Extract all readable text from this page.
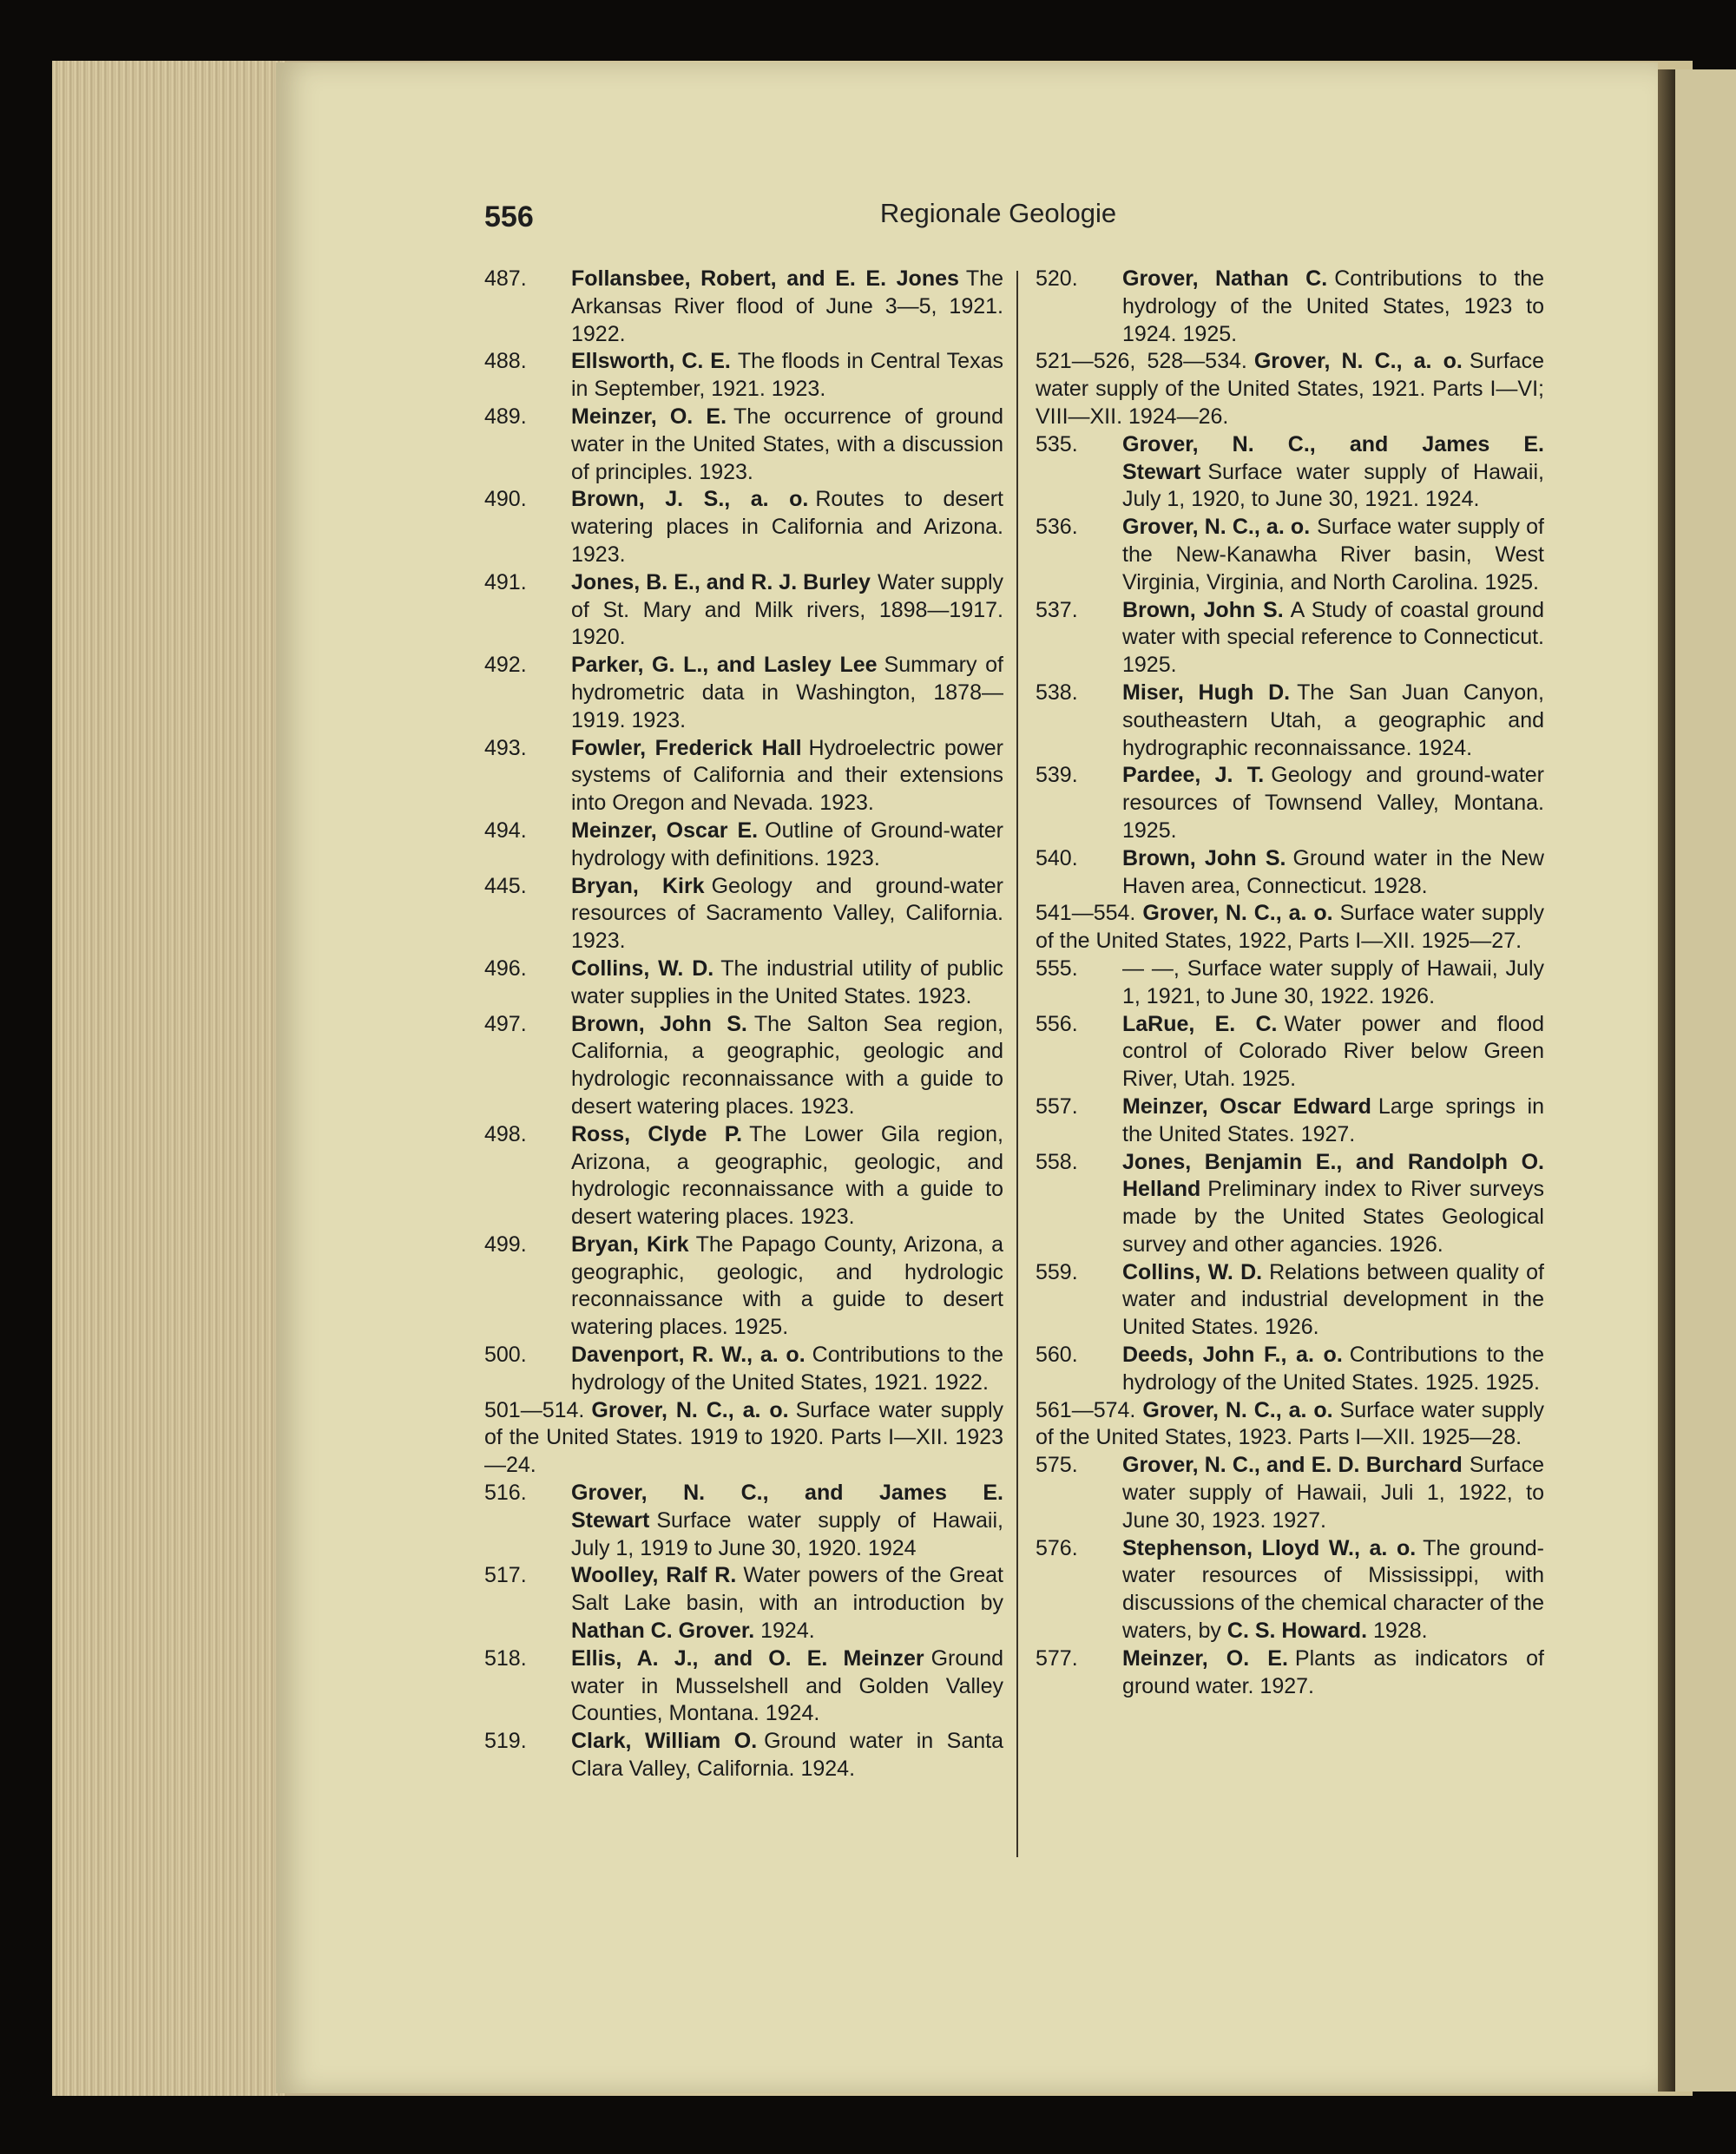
556	Regionale Geologie
487. Follansbee, Robert, and E. E. Jones The Arkansas River flood of June 3—5, 1921. 1922.
488. Ellsworth, C. E. The floods in Central Texas in September, 1921. 1923.
489. Meinzer, O. E. The occurrence of ground water in the United States, with a discussion of principles. 1923.
490. Brown, J. S., a. o. Routes to desert watering places in California and Arizona. 1923.
491. Jones, B. E., and R. J. Burley Water supply of St. Mary and Milk rivers, 1898—1917. 1920.
492. Parker, G. L., and Lasley Lee Summary of hydrometric data in Washington, 1878—1919. 1923.
493. Fowler, Frederick Hall Hydroelectric power systems of California and their extensions into Oregon and Nevada. 1923.
494. Meinzer, Oscar E. Outline of Ground-water hydrology with definitions. 1923.
445. Bryan, Kirk Geology and ground-water resources of Sacramento Valley, California. 1923.
496. Collins, W. D. The industrial utility of public water supplies in the United States. 1923.
497. Brown, John S. The Salton Sea region, California, a geographic, geologic and hydrologic reconnaissance with a guide to desert watering places. 1923.
498. Ross, Clyde P. The Lower Gila region, Arizona, a geographic, geologic, and hydrologic reconnaissance with a guide to desert watering places. 1923.
499. Bryan, Kirk The Papago County, Arizona, a geographic, geologic, and hydrologic reconnaissance with a guide to desert watering places. 1925.
500. Davenport, R. W., a. o. Contributions to the hydrology of the United States, 1921. 1922.
501—514. Grover, N. C., a. o. Surface water supply of the United States. 1919 to 1920. Parts I—XII. 1923—24.
516. Grover, N. C., and James E. Stewart Surface water supply of Hawaii, July 1, 1919 to June 30, 1920. 1924
517. Woolley, Ralf R. Water powers of the Great Salt Lake basin, with an introduction by Nathan C. Grover. 1924.
518. Ellis, A. J., and O. E. Meinzer Ground water in Musselshell and Golden Valley Counties, Montana. 1924.
519. Clark, William O. Ground water in Santa Clara Valley, California. 1924.
520. Grover, Nathan C. Contributions to the hydrology of the United States, 1923 to 1924. 1925.
521—526, 528—534. Grover, N. C., a. o. Surface water supply of the United States, 1921. Parts I—VI; VIII—XII. 1924—26.
535. Grover, N. C., and James E. Stewart Surface water supply of Hawaii, July 1, 1920, to June 30, 1921. 1924.
536. Grover, N. C., a. o. Surface water supply of the New-Kanawha River basin, West Virginia, Virginia, and North Carolina. 1925.
537. Brown, John S. A Study of coastal ground water with special reference to Connecticut. 1925.
538. Miser, Hugh D. The San Juan Canyon, southeastern Utah, a geographic and hydrographic reconnaissance. 1924.
539. Pardee, J. T. Geology and ground-water resources of Townsend Valley, Montana. 1925.
540. Brown, John S. Ground water in the New Haven area, Connecticut. 1928.
541—554. Grover, N. C., a. o. Surface water supply of the United States, 1922, Parts I—XII. 1925—27.
555. — —, Surface water supply of Hawaii, July 1, 1921, to June 30, 1922. 1926.
556. LaRue, E. C. Water power and flood control of Colorado River below Green River, Utah. 1925.
557. Meinzer, Oscar Edward Large springs in the United States. 1927.
558. Jones, Benjamin E., and Randolph O. Helland Preliminary index to River surveys made by the United States Geological survey and other agancies. 1926.
559. Collins, W. D. Relations between quality of water and industrial development in the United States. 1926.
560. Deeds, John F., a. o. Contributions to the hydrology of the United States. 1925. 1925.
561—574. Grover, N. C., a. o. Surface water supply of the United States, 1923. Parts I—XII. 1925—28.
575. Grover, N. C., and E. D. Burchard Surface water supply of Hawaii, Juli 1, 1922, to June 30, 1923. 1927.
576. Stephenson, Lloyd W., a. o. The ground-water resources of Mississippi, with discussions of the chemical character of the waters, by C. S. Howard. 1928.
577. Meinzer, O. E. Plants as indicators of ground water. 1927.
